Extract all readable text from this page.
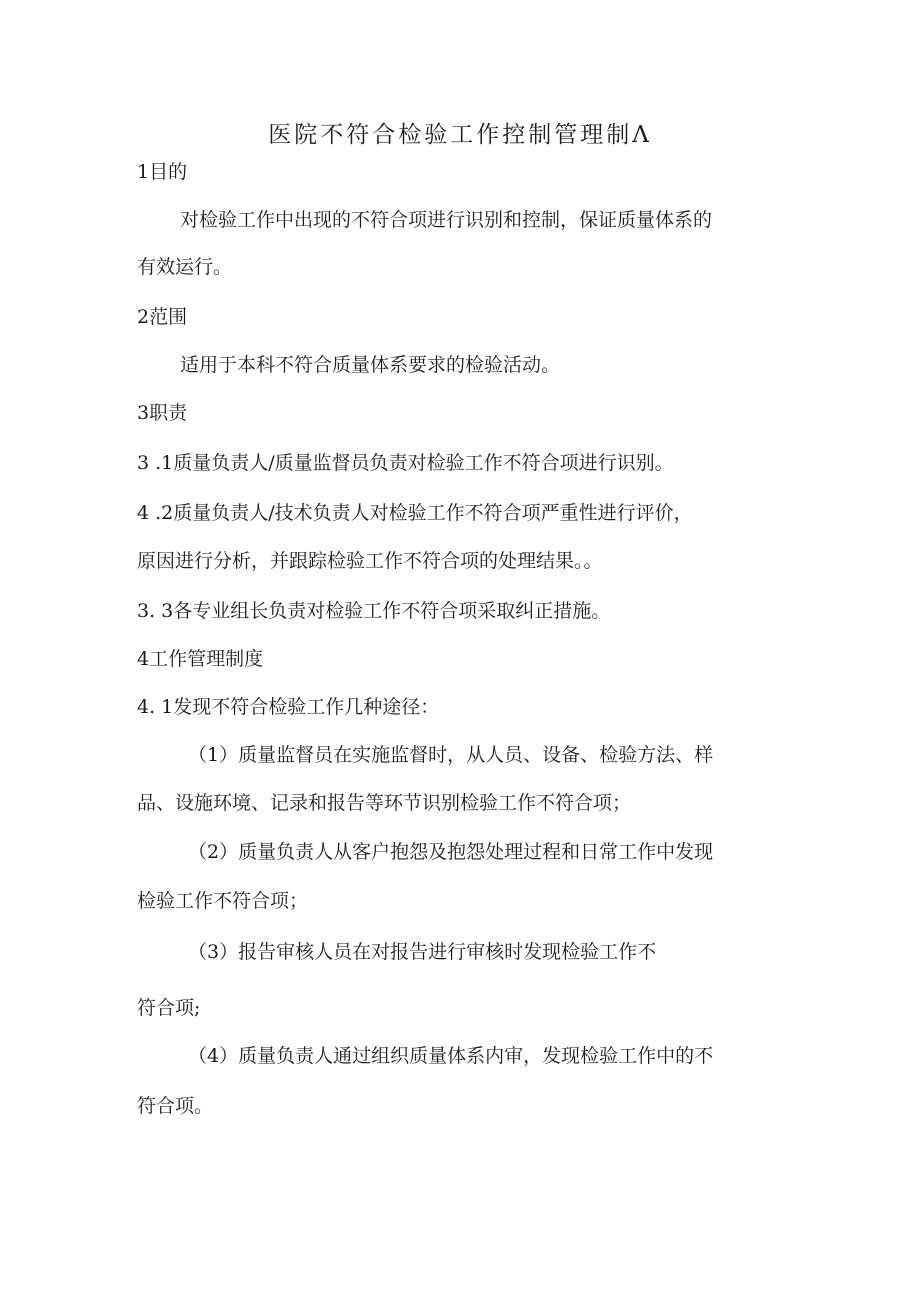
医院不符合检验工作控制管理制Λ
1目的
对检验工作中出现的不符合项进行识别和控制，保证质量体系的
有效运行。
2范围
适用于本科不符合质量体系要求的检验活动。
3职责
3 .1质量负责人/质量监督员负责对检验工作不符合项进行识别。
4 .2质量负责人/技术负责人对检验工作不符合项严重性进行评价，
原因进行分析，并跟踪检验工作不符合项的处理结果。。
3. 3各专业组长负责对检验工作不符合项采取纠正措施。
4工作管理制度
4. 1发现不符合检验工作几种途径：
（1）质量监督员在实施监督时，从人员、设备、检验方法、样
品、设施环境、记录和报告等环节识别检验工作不符合项；
（2）质量负责人从客户抱怨及抱怨处理过程和日常工作中发现
检验工作不符合项；
（3）报告审核人员在对报告进行审核时发现检验工作不
符合项;
（4）质量负责人通过组织质量体系内审，发现检验工作中的不
符合项。
